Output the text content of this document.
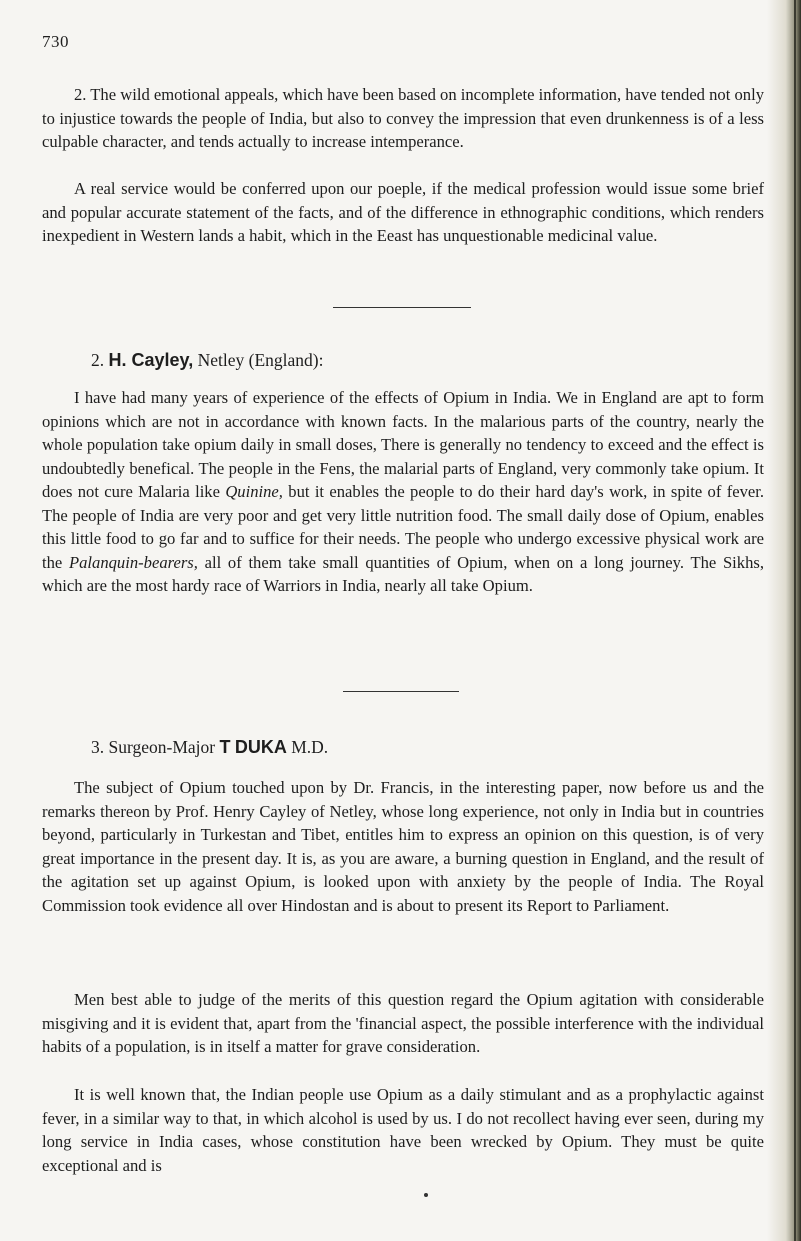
730

2. The wild emotional appeals, which have been based on incomplete information, have tended not only to injustice towards the people of India, but also to convey the impression that even drunkenness is of a less culpable character, and tends actually to increase intemperance.

A real service would be conferred upon our poeple, if the medical profession would issue some brief and popular accurate statement of the facts, and of the difference in ethnographic conditions, which renders inexpedient in Western lands a habit, which in the Eeast has unquestionable medicinal value.

2. H. Cayley, Netley (England):

I have had many years of experience of the effects of Opium in India. We in England are apt to form opinions which are not in accordance with known facts. In the malarious parts of the country, nearly the whole population take opium daily in small doses, There is generally no tendency to exceed and the effect is undoubtedly benefical. The people in the Fens, the malarial parts of England, very commonly take opium. It does not cure Malaria like Quinine, but it enables the people to do their hard day's work, in spite of fever. The people of India are very poor and get very little nutrition food. The small daily dose of Opium, enables this little food to go far and to suffice for their needs. The people who undergo excessive physical work are the Palanquin-bearers, all of them take small quantities of Opium, when on a long journey. The Sikhs, which are the most hardy race of Warriors in India, nearly all take Opium.

3. Surgeon-Major T DUKA M.D.

The subject of Opium touched upon by Dr. Francis, in the interesting paper, now before us and the remarks thereon by Prof. Henry Cayley of Netley, whose long experience, not only in India but in countries beyond, particularly in Turkestan and Tibet, entitles him to express an opinion on this question, is of very great importance in the present day. It is, as you are aware, a burning question in England, and the result of the agitation set up against Opium, is looked upon with anxiety by the people of India. The Royal Commission took evidence all over Hindostan and is about to present its Report to Parliament.

Men best able to judge of the merits of this question regard the Opium agitation with considerable misgiving and it is evident that, apart from the 'financial aspect, the possible interference with the individual habits of a population, is in itself a matter for grave consideration.

It is well known that, the Indian people use Opium as a daily stimulant and as a prophylactic against fever, in a similar way to that, in which alcohol is used by us. I do not recollect having ever seen, during my long service in India cases, whose constitution have been wrecked by Opium. They must be quite exceptional and is
